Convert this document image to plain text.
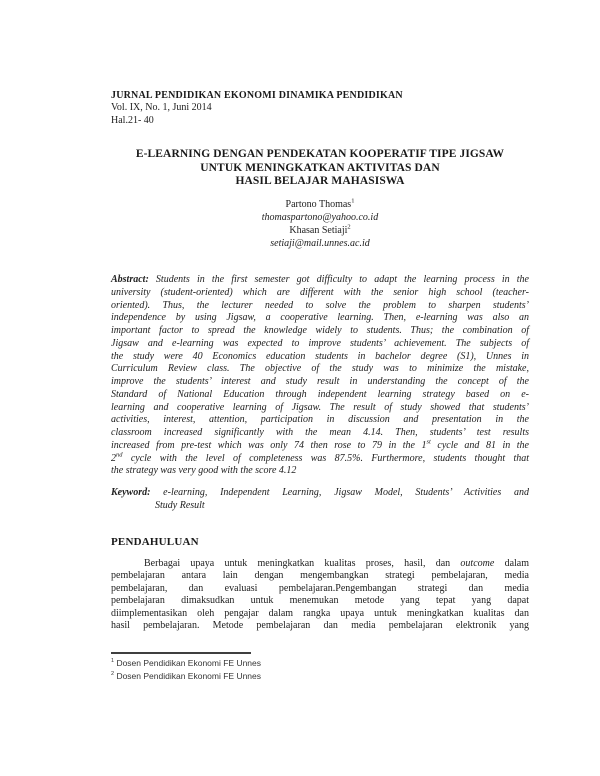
JURNAL PENDIDIKAN EKONOMI DINAMIKA PENDIDIKAN
Vol. IX, No. 1, Juni 2014
Hal.21- 40
E-LEARNING DENGAN PENDEKATAN KOOPERATIF TIPE JIGSAW
UNTUK MENINGKATKAN AKTIVITAS DAN
HASIL BELAJAR MAHASISWA
Partono Thomas$^1$
thomaspartono@yahoo.co.id
Khasan Setiaji$^2$
setiaji@mail.unnes.ac.id
Abstract: Students in the first semester got difficulty to adapt the learning process in the
university (student-oriented) which are different with the senior high school (teacher-
oriented). Thus, the lecturer needed to solve the problem to sharpen students’
independence by using Jigsaw, a cooperative learning. Then, e-learning was also an
important factor to spread the knowledge widely to students. Thus; the combination of
Jigsaw and e-learning was expected to improve students’ achievement. The subjects of
the study were 40 Economics education students in bachelor degree (S1), Unnes in
Curriculum Review class. The objective of the study was to minimize the mistake,
improve the students’ interest and study result in understanding the concept of the
Standard of National Education through independent learning strategy based on e-
learning and cooperative learning of Jigsaw. The result of study showed that students’
activities, interest, attention, participation in discussion and presentation in the
classroom increased significantly with the mean 4.14. Then, students’ test results
increased from pre-test which was only 74 then rose to 79 in the 1st cycle and 81 in the
2nd cycle with the level of completeness was 87.5%. Furthermore, students thought that
the strategy was very good with the score 4.12
Keyword: e-learning, Independent Learning, Jigsaw Model, Students’ Activities and
Study Result
PENDAHULUAN
Berbagai upaya untuk meningkatkan kualitas proses, hasil, dan outcome dalam
pembelajaran antara lain dengan mengembangkan strategi pembelajaran, media
pembelajaran, dan evaluasi pembelajaran.Pengembangan strategi dan media
pembelajaran dimaksudkan untuk menemukan metode yang tepat yang dapat
diimplementasikan oleh pengajar dalam rangka upaya untuk meningkatkan kualitas dan
hasil pembelajaran. Metode pembelajaran dan media pembelajaran elektronik yang
$^1$ Dosen Pendidikan Ekonomi FE Unnes
$^2$ Dosen Pendidikan Ekonomi FE Unnes
